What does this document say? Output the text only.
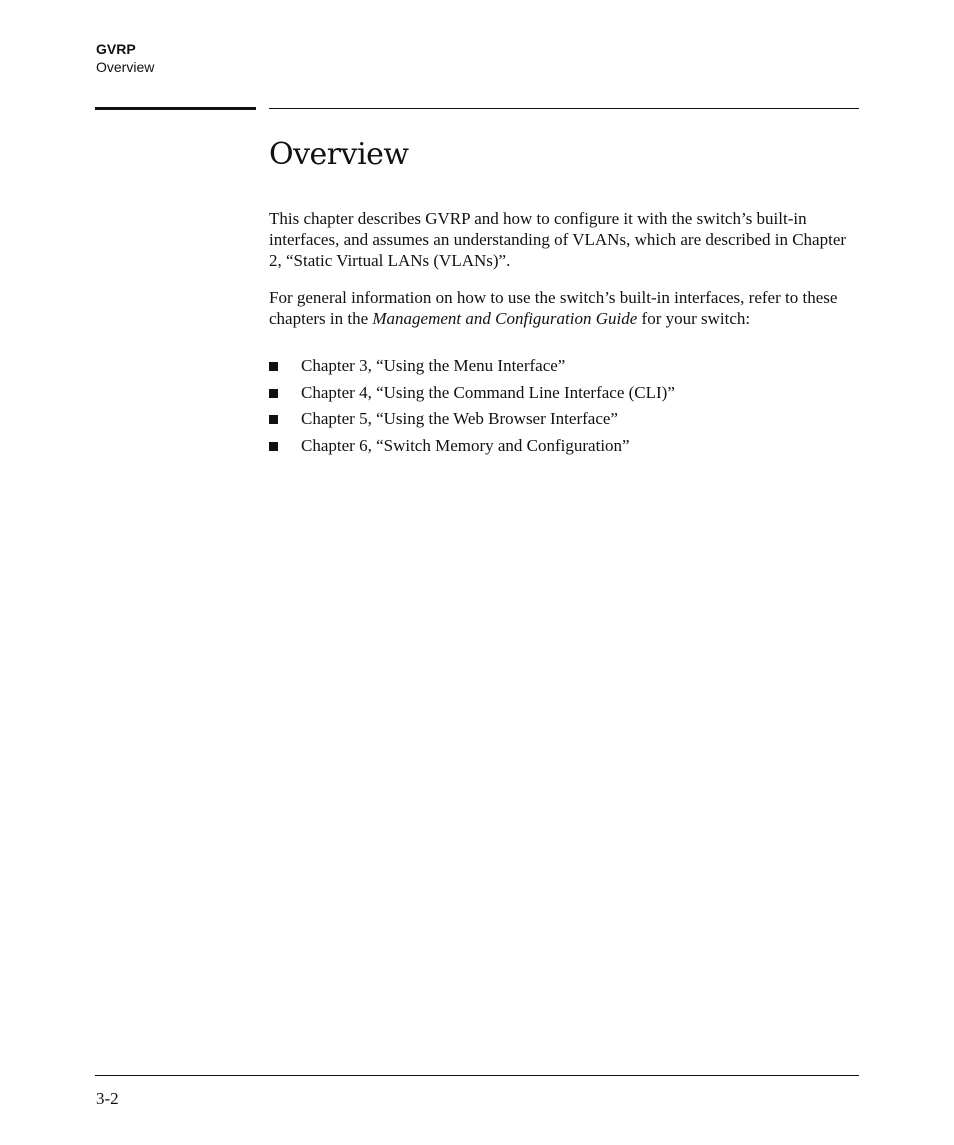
GVRP
Overview
Overview

This chapter describes GVRP and how to configure it with the switch’s built-in interfaces, and assumes an understanding of VLANs, which are described in Chapter 2, “Static Virtual LANs (VLANs)”.

For general information on how to use the switch’s built-in interfaces, refer to these chapters in the Management and Configuration Guide for your switch:

Chapter 3, “Using the Menu Interface”
Chapter 4, “Using the Command Line Interface (CLI)”
Chapter 5, “Using the Web Browser Interface”
Chapter 6, “Switch Memory and Configuration”
3-2
